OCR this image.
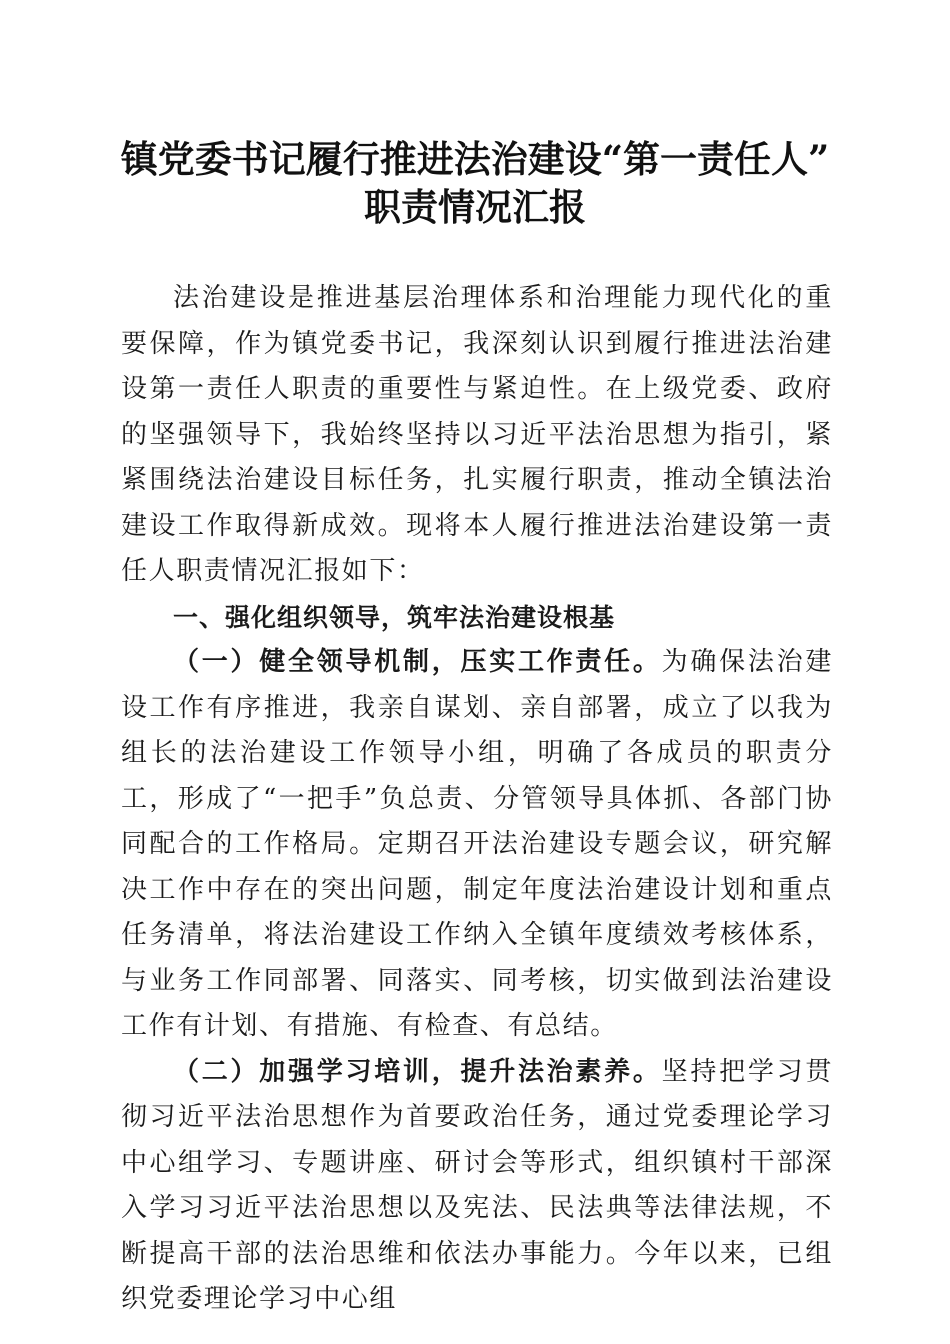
镇党委书记履行推进法治建设“第一责任人”
职责情况汇报

法治建设是推进基层治理体系和治理能力现代化的重要保障，作为镇党委书记，我深刻认识到履行推进法治建设第一责任人职责的重要性与紧迫性。在上级党委、政府的坚强领导下，我始终坚持以习近平法治思想为指引，紧紧围绕法治建设目标任务，扎实履行职责，推动全镇法治建设工作取得新成效。现将本人履行推进法治建设第一责任人职责情况汇报如下：

一、强化组织领导，筑牢法治建设根基

（一）健全领导机制，压实工作责任。为确保法治建设工作有序推进，我亲自谋划、亲自部署，成立了以我为组长的法治建设工作领导小组，明确了各成员的职责分工，形成了“一把手”负总责、分管领导具体抓、各部门协同配合的工作格局。定期召开法治建设专题会议，研究解决工作中存在的突出问题，制定年度法治建设计划和重点任务清单，将法治建设工作纳入全镇年度绩效考核体系，与业务工作同部署、同落实、同考核，切实做到法治建设工作有计划、有措施、有检查、有总结。

（二）加强学习培训，提升法治素养。坚持把学习贯彻习近平法治思想作为首要政治任务，通过党委理论学习中心组学习、专题讲座、研讨会等形式，组织镇村干部深入学习习近平法治思想以及宪法、民法典等法律法规，不断提高干部的法治思维和依法办事能力。今年以来，已组织党委理论学习中心组
